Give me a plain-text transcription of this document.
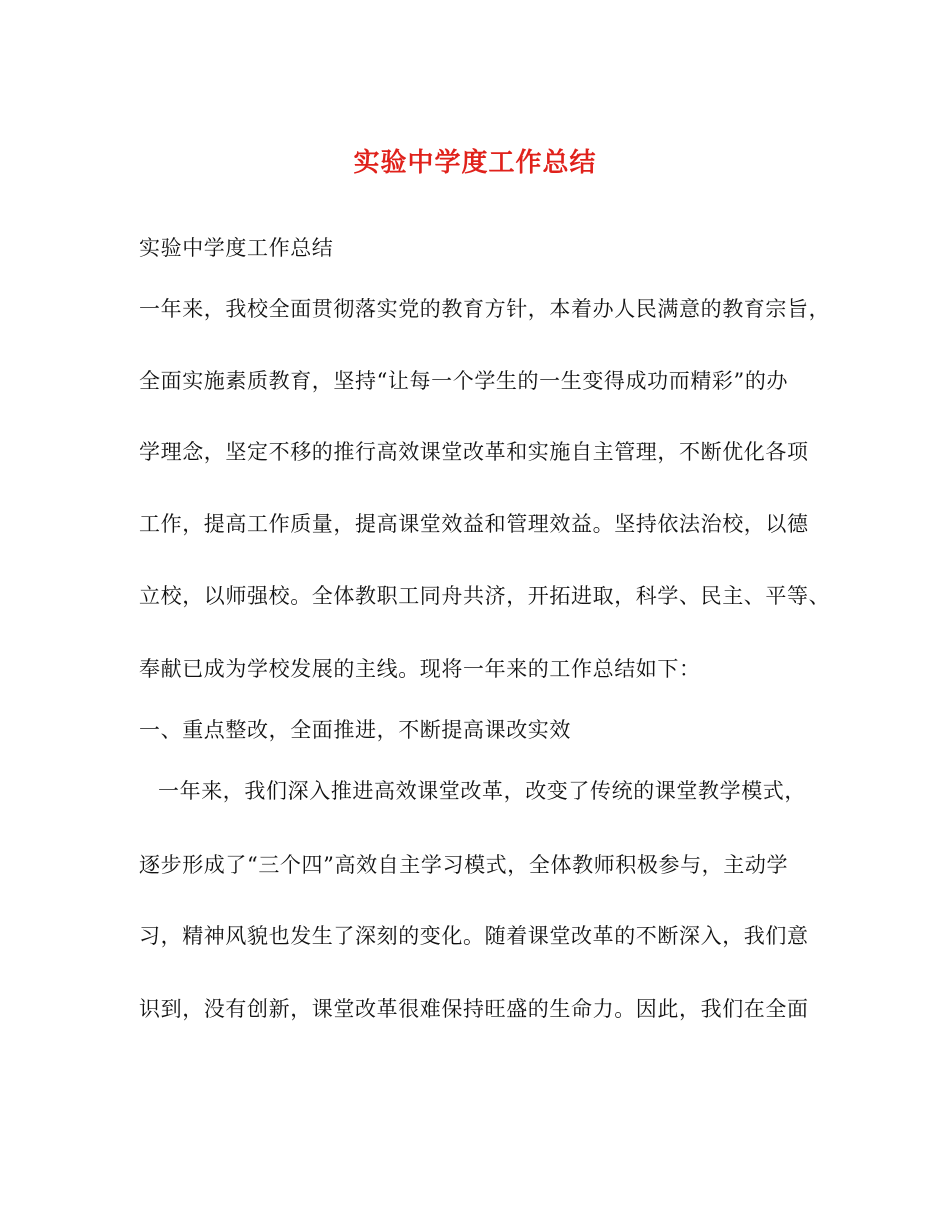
实验中学度工作总结
实验中学度工作总结
一年来，我校全面贯彻落实党的教育方针，本着办人民满意的教育宗旨，
全面实施素质教育，坚持“让每一个学生的一生变得成功而精彩”的办
学理念，坚定不移的推行高效课堂改革和实施自主管理，不断优化各项
工作，提高工作质量，提高课堂效益和管理效益。坚持依法治校，以德
立校，以师强校。全体教职工同舟共济，开拓进取，科学、民主、平等、
奉献已成为学校发展的主线。现将一年来的工作总结如下：
一、重点整改，全面推进，不断提高课改实效
一年来，我们深入推进高效课堂改革，改变了传统的课堂教学模式，
逐步形成了“三个四”高效自主学习模式，全体教师积极参与，主动学
习，精神风貌也发生了深刻的变化。随着课堂改革的不断深入，我们意
识到，没有创新，课堂改革很难保持旺盛的生命力。因此，我们在全面
